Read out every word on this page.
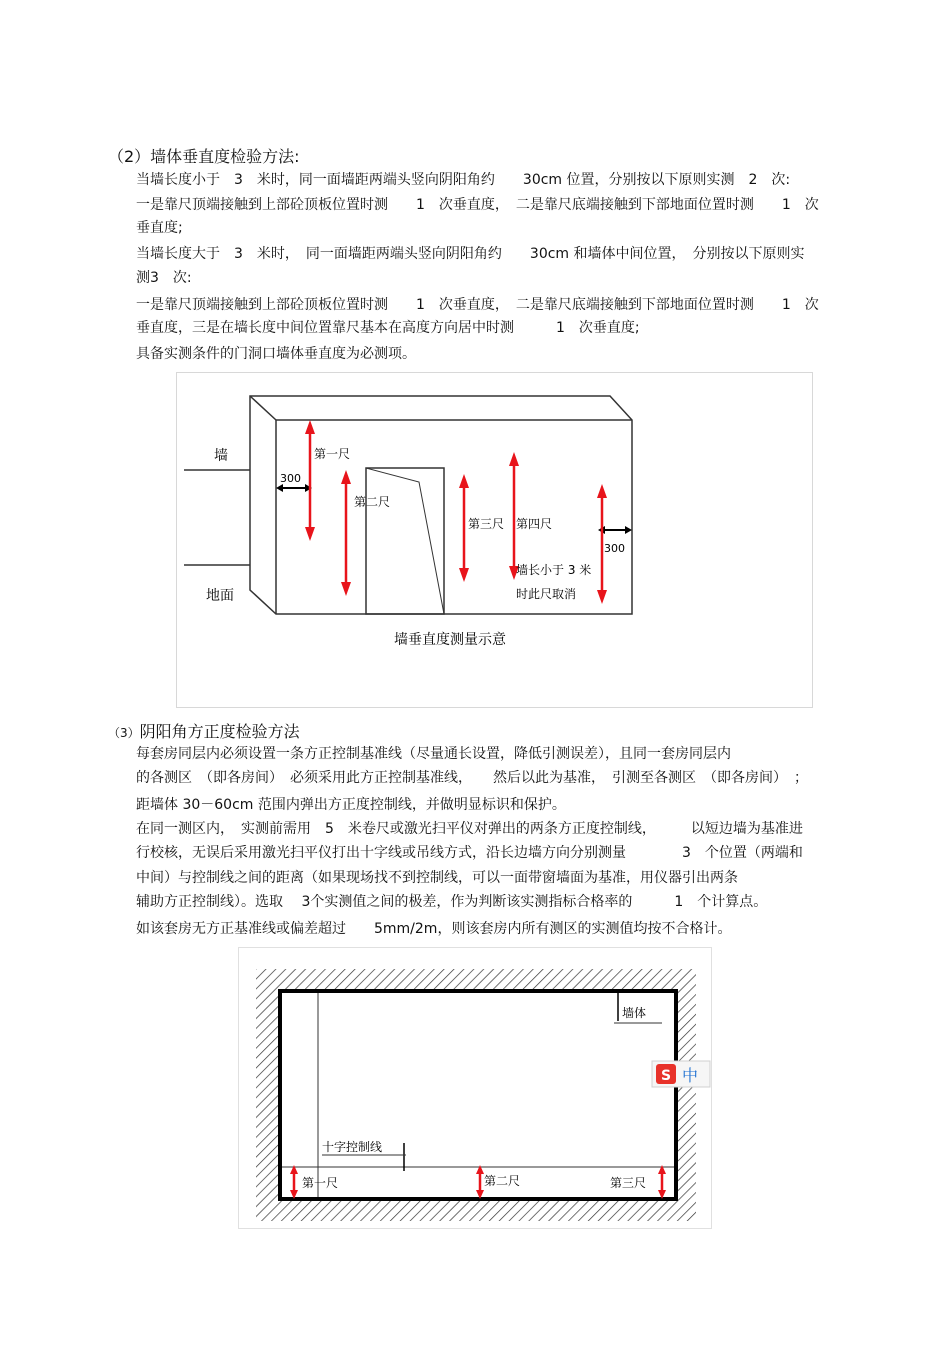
（2）墙体垂直度检验方法:
当墙长度小于　3　米时，同一面墙距两端头竖向阴阳角约　　30cm 位置，分别按以下原则实测　2　次:
一是靠尺顶端接触到上部砼顶板位置时测　　1　次垂直度，　二是靠尺底端接触到下部地面位置时测　　1　次
垂直度;
当墙长度大于　3　米时，　同一面墙距两端头竖向阴阳角约　　30cm 和墙体中间位置，　分别按以下原则实
测3　次:
一是靠尺顶端接触到上部砼顶板位置时测　　1　次垂直度，　二是靠尺底端接触到下部地面位置时测　　1　次
垂直度，三是在墙长度中间位置靠尺基本在高度方向居中时测　　　1　次垂直度;
具备实测条件的门洞口墙体垂直度为必测项。
墙
地面
300
300
第一尺
第二尺
第三尺 第四尺
墙长小于 3 米
时此尺取消
墙垂直度测量示意
（3）阴阳角方正度检验方法
每套房同层内必须设置一条方正控制基准线（尽量通长设置，降低引测误差），且同一套房同层内
的各测区　（即各房间）　必须采用此方正控制基准线，　　然后以此为基准，　引测至各测区　（即各房间）　；
距墙体 30－60cm 范围内弹出方正度控制线，并做明显标识和保护。
在同一测区内，　实测前需用　5　米卷尺或激光扫平仪对弹出的两条方正度控制线，　　　以短边墙为基准进
行校核，无误后采用激光扫平仪打出十字线或吊线方式，沿长边墙方向分别测量　　　　3　个位置（两端和
中间）与控制线之间的距离（如果现场找不到控制线，可以一面带窗墙面为基准，用仪器引出两条
辅助方正控制线）。选取　 3个实测值之间的极差，作为判断该实测指标合格率的　　　1　个计算点。
如该套房无方正基准线或偏差超过　　5mm/2m，则该套房内所有测区的实测值均按不合格计。
墙体
十字控制线
第一尺	第二尺	第三尺
S 中
